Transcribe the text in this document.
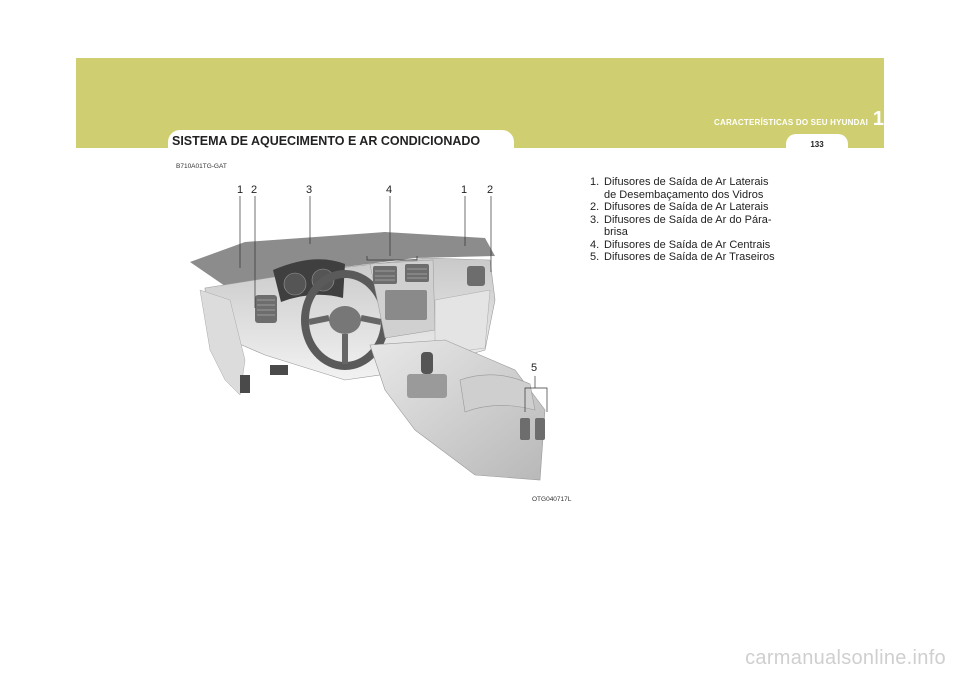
CARACTERÍSTICAS DO SEU HYUNDAI 1
133
SISTEMA DE AQUECIMENTO E AR CONDICIONADO
B710A01TG-GAT
1 2	3	4	1 2
5
OTG040717L
1. Difusores de Saída de Ar Laterais de Desembaçamento dos Vidros
2. Difusores de Saída de Ar Laterais
3. Difusores de Saída de Ar do Pára-brisa
4. Difusores de Saída de Ar Centrais
5. Difusores de Saída de Ar Traseiros
carmanualsonline.info
